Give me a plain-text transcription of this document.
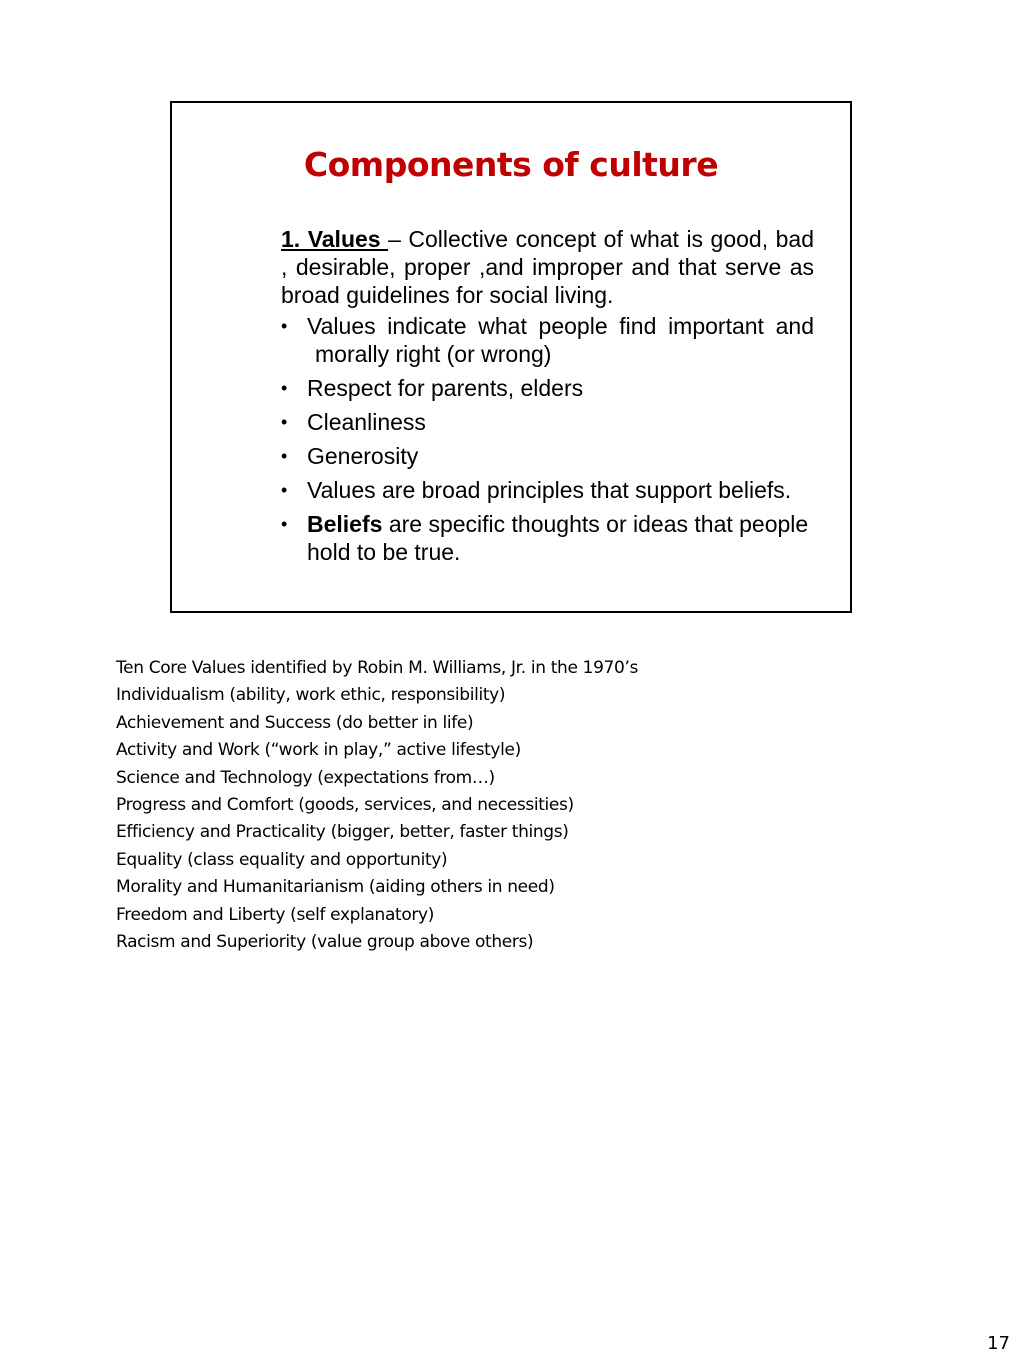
Components of culture

1. Values – Collective concept of what is good, bad , desirable, proper ,and improper and that serve as broad guidelines for social living.

• Values indicate what people find important and morally right (or wrong)
• Respect for parents, elders
• Cleanliness
• Generosity
• Values are broad principles that support beliefs.
• Beliefs are specific thoughts or ideas that people hold to be true.
Ten Core Values identified by Robin M. Williams, Jr. in the 1970’s
Individualism (ability, work ethic, responsibility)
Achievement and Success (do better in life)
Activity and Work (“work in play,” active lifestyle)
Science and Technology (expectations from…)
Progress and Comfort (goods, services, and necessities)
Efficiency and Practicality (bigger, better, faster things)
Equality (class equality and opportunity)
Morality and Humanitarianism (aiding others in need)
Freedom and Liberty (self explanatory)
Racism and Superiority (value group above others)
17
